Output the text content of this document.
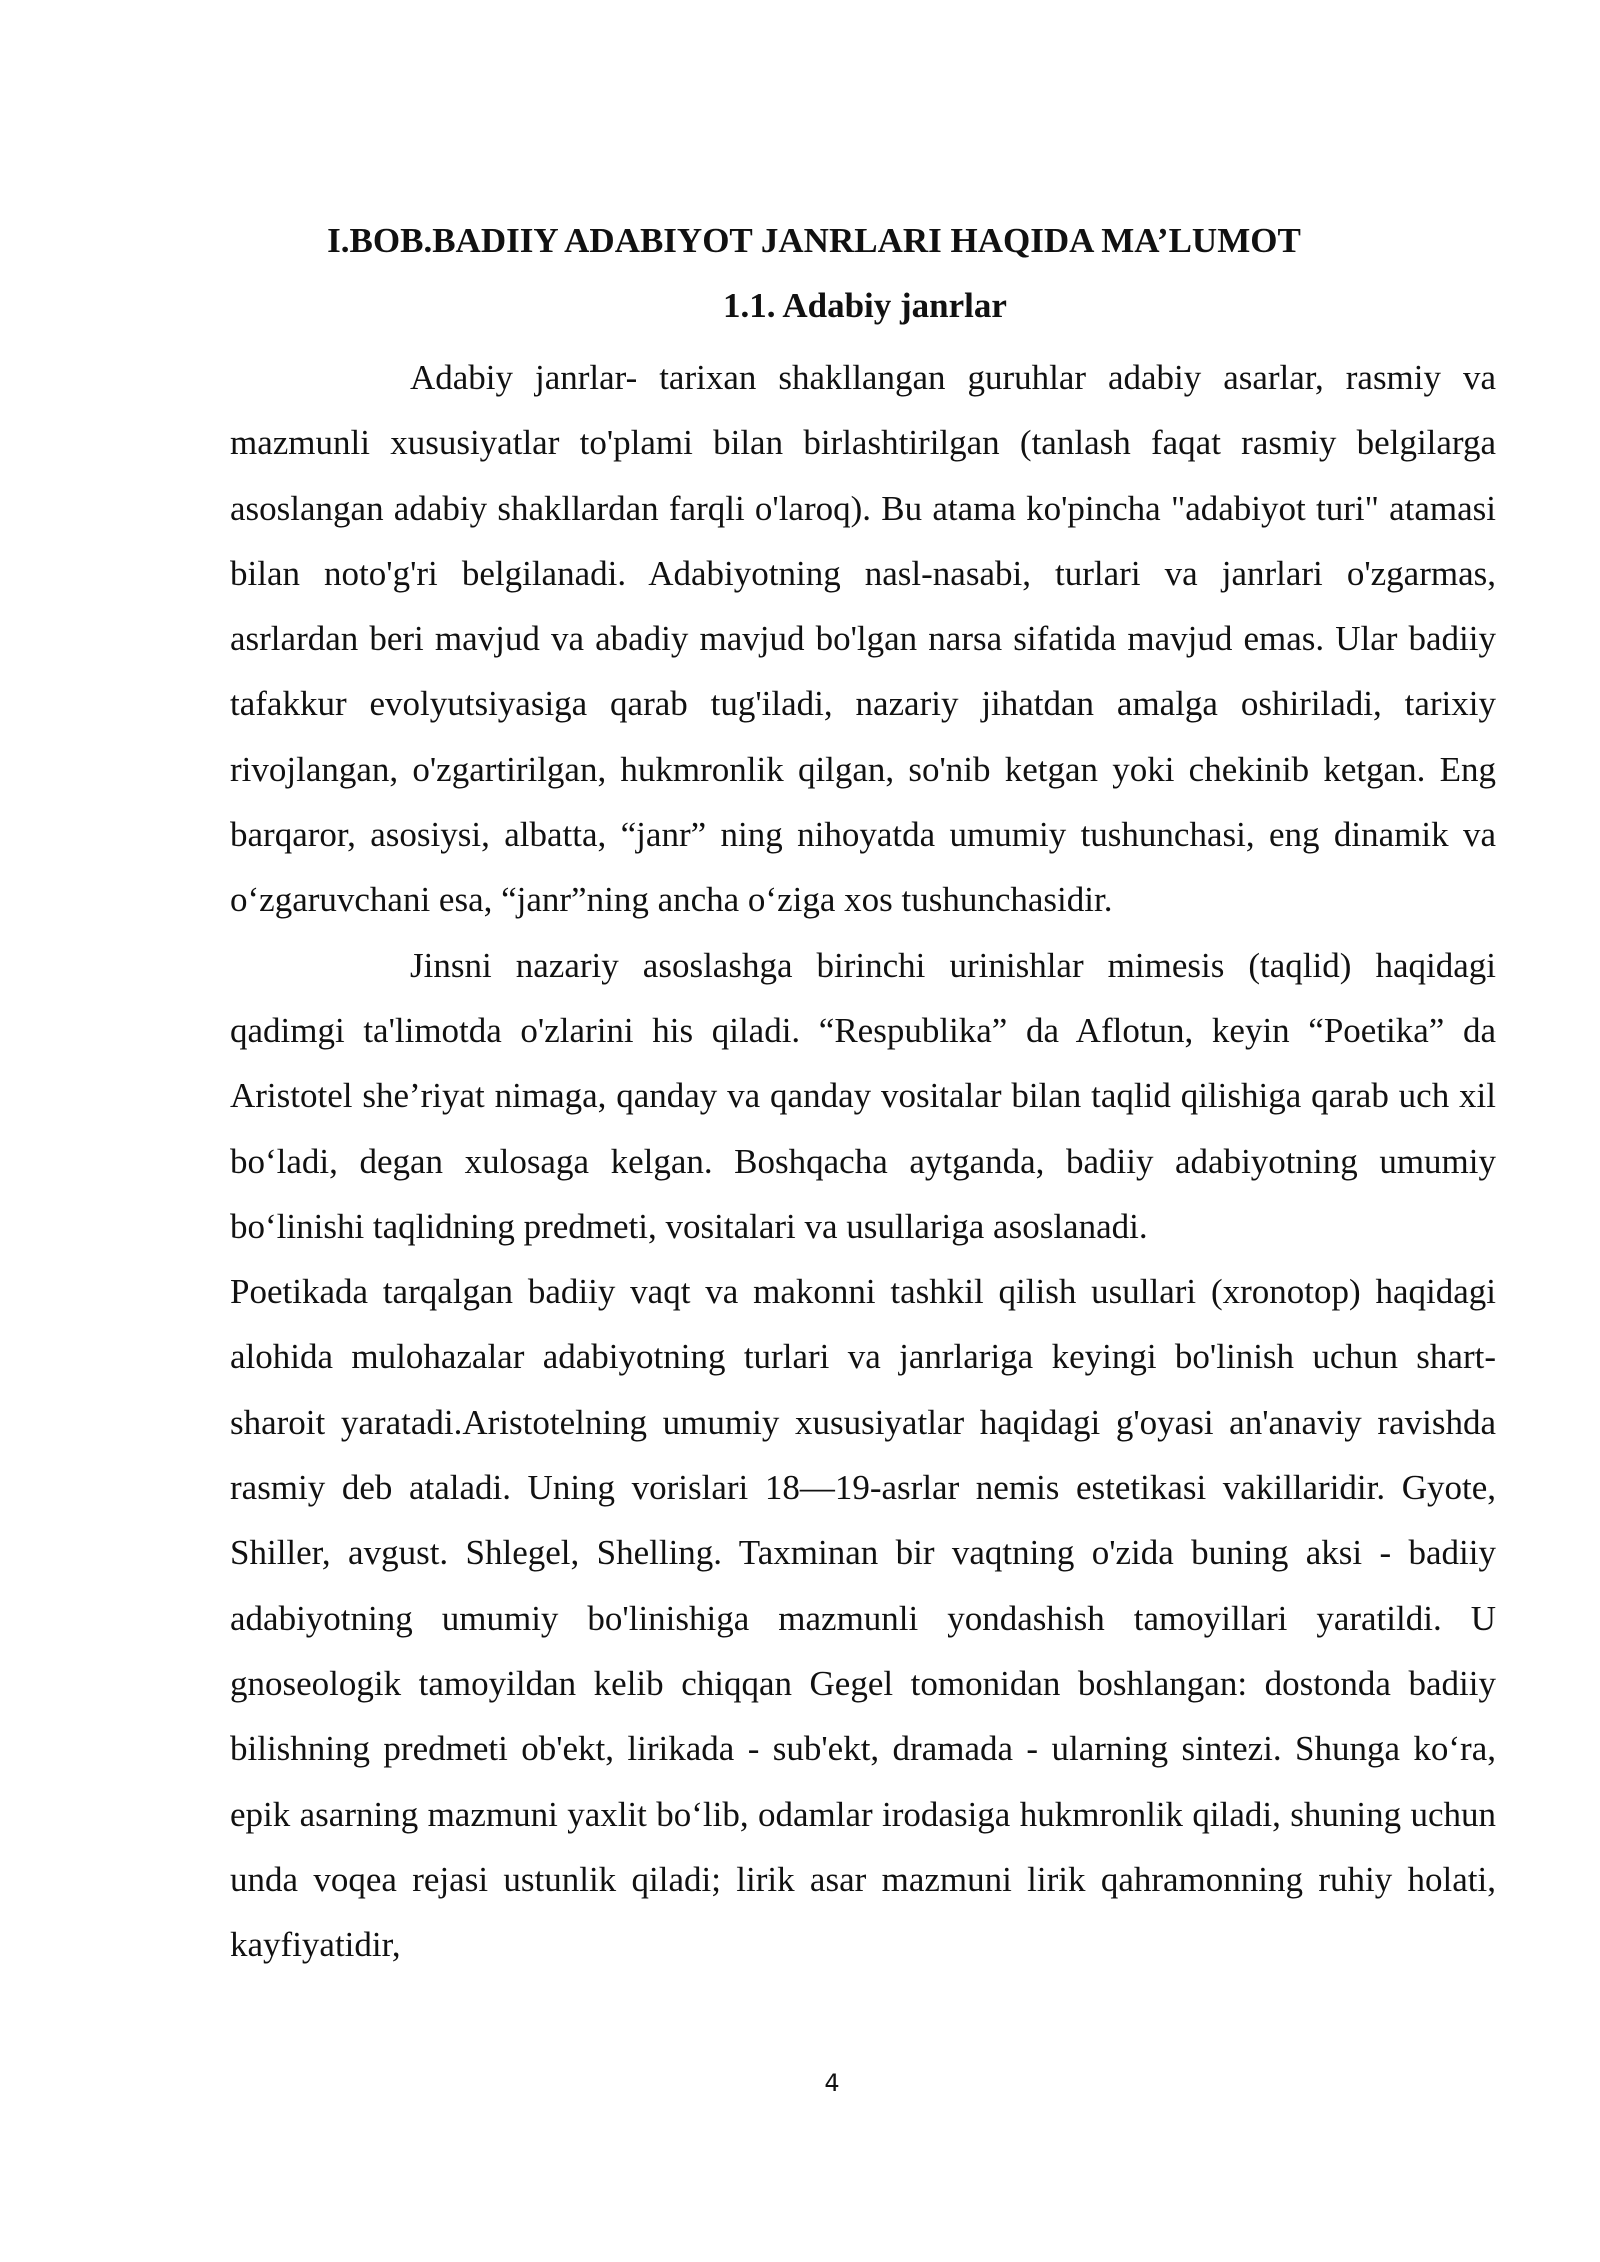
I.BOB.BADIIY ADABIYOT JANRLARI HAQIDA MA’LUMOT
1.1. Adabiy janrlar

Adabiy janrlar- tarixan shakllangan guruhlar adabiy asarlar, rasmiy va mazmunli xususiyatlar to'plami bilan birlashtirilgan (tanlash faqat rasmiy belgilarga asoslangan adabiy shakllardan farqli o'laroq). Bu atama ko'pincha "adabiyot turi" atamasi bilan noto'g'ri belgilanadi. Adabiyotning nasl-nasabi, turlari va janrlari o'zgarmas, asrlardan beri mavjud va abadiy mavjud bo'lgan narsa sifatida mavjud emas. Ular badiiy tafakkur evolyutsiyasiga qarab tug'iladi, nazariy jihatdan amalga oshiriladi, tarixiy rivojlangan, o'zgartirilgan, hukmronlik qilgan, so'nib ketgan yoki chekinib ketgan. Eng barqaror, asosiysi, albatta, “janr” ning nihoyatda umumiy tushunchasi, eng dinamik va o‘zgaruvchani esa, “janr”ning ancha o‘ziga xos tushunchasidir.

Jinsni nazariy asoslashga birinchi urinishlar mimesis (taqlid) haqidagi qadimgi ta'limotda o'zlarini his qiladi. “Respublika” da Aflotun, keyin “Poetika” da Aristotel she’riyat nimaga, qanday va qanday vositalar bilan taqlid qilishiga qarab uch xil bo‘ladi, degan xulosaga kelgan. Boshqacha aytganda, badiiy adabiyotning umumiy bo‘linishi taqlidning predmeti, vositalari va usullariga asoslanadi.

Poetikada tarqalgan badiiy vaqt va makonni tashkil qilish usullari (xronotop) haqidagi alohida mulohazalar adabiyotning turlari va janrlariga keyingi bo'linish uchun shart-sharoit yaratadi.Aristotelning umumiy xususiyatlar haqidagi g'oyasi an'anaviy ravishda rasmiy deb ataladi. Uning vorislari 18—19-asrlar nemis estetikasi vakillaridir. Gyote, Shiller, avgust. Shlegel, Shelling. Taxminan bir vaqtning o'zida buning aksi - badiiy adabiyotning umumiy bo'linishiga mazmunli yondashish tamoyillari yaratildi. U gnoseologik tamoyildan kelib chiqqan Gegel tomonidan boshlangan: dostonda badiiy bilishning predmeti ob'ekt, lirikada - sub'ekt, dramada - ularning sintezi. Shunga ko‘ra, epik asarning mazmuni yaxlit bo‘lib, odamlar irodasiga hukmronlik qiladi, shuning uchun unda voqea rejasi ustunlik qiladi; lirik asar mazmuni lirik qahramonning ruhiy holati, kayfiyatidir,

4
